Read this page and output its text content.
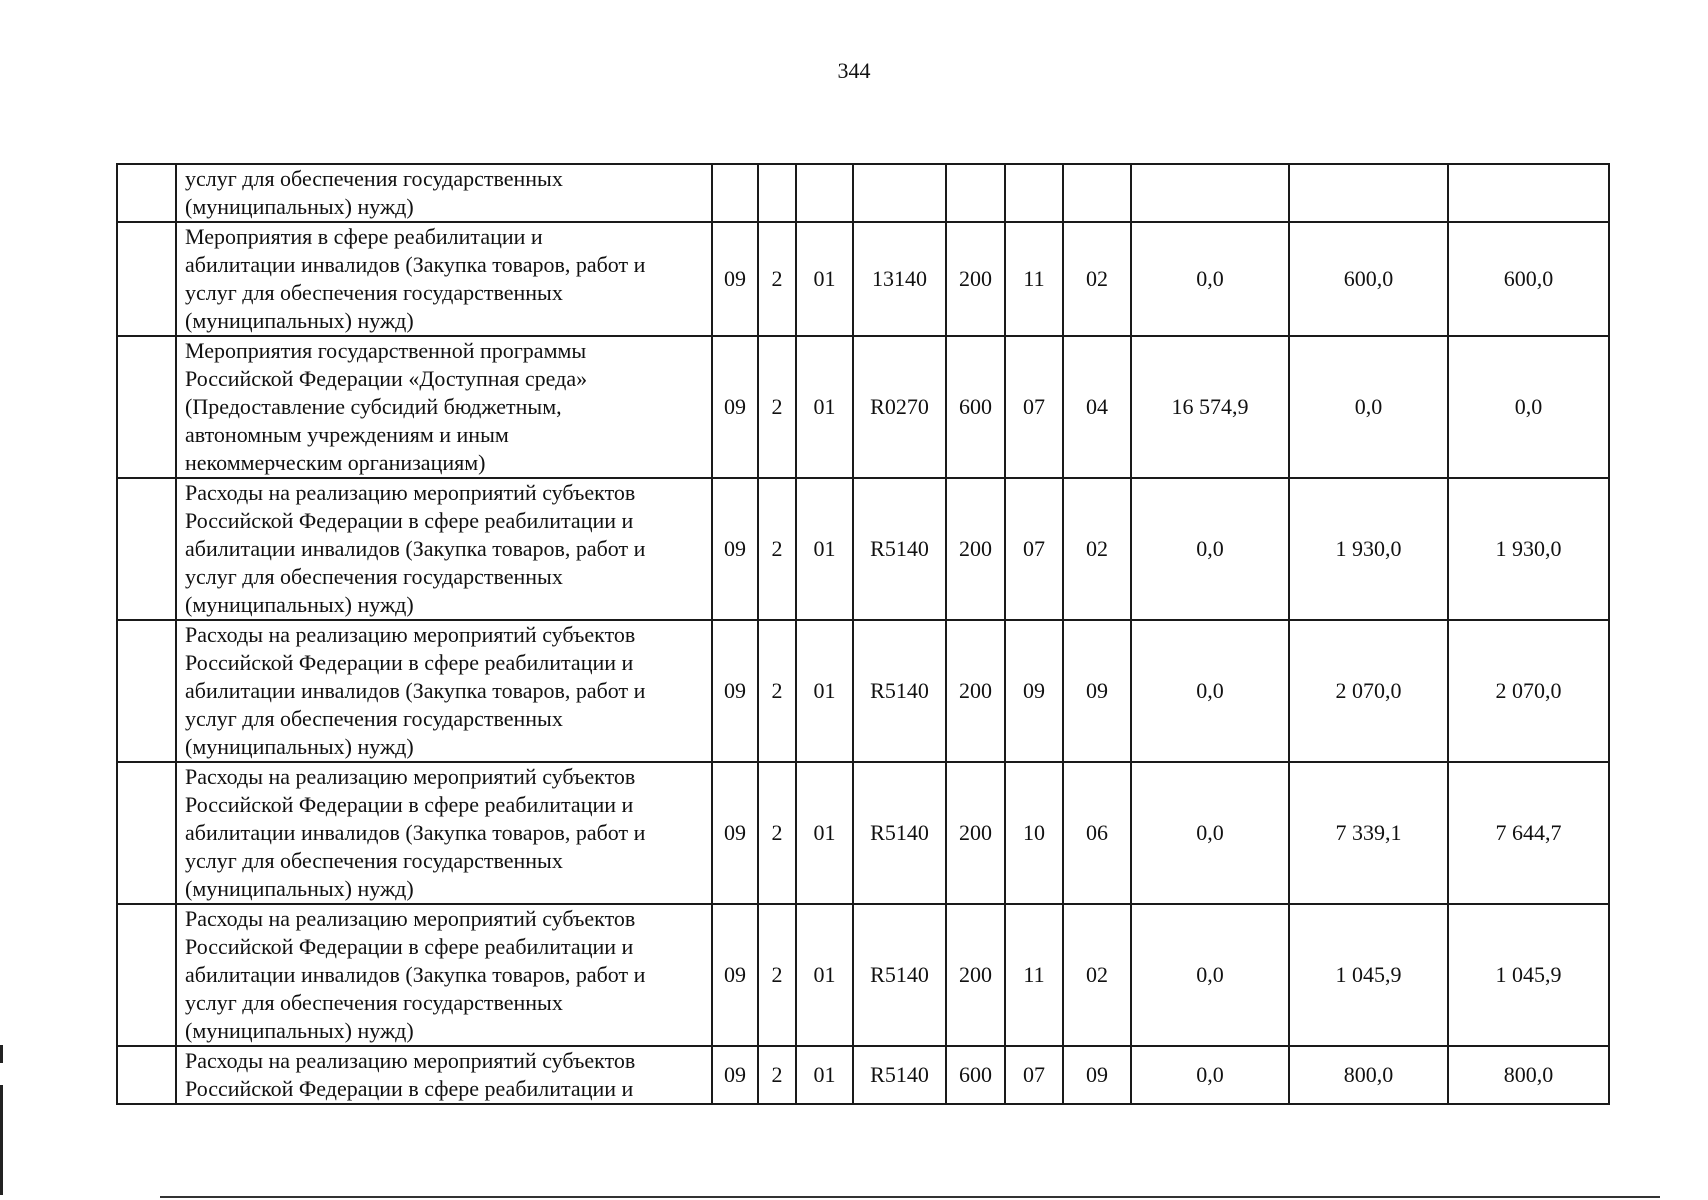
344

	услуг для обеспечения государственных
(муниципальных) нужд)										

	Мероприятия в сфере реабилитации и
абилитации инвалидов (Закупка товаров, работ и
услуг для обеспечения государственных
(муниципальных) нужд)	09	2	01	13140	200	11	02	0,0	600,0	600,0

	Мероприятия государственной программы
Российской Федерации «Доступная среда»
(Предоставление субсидий бюджетным,
автономным учреждениям и иным
некоммерческим организациям)	09	2	01	R0270	600	07	04	16 574,9	0,0	0,0

	Расходы на реализацию мероприятий субъектов
Российской Федерации в сфере реабилитации и
абилитации инвалидов (Закупка товаров, работ и
услуг для обеспечения государственных
(муниципальных) нужд)	09	2	01	R5140	200	07	02	0,0	1 930,0	1 930,0

	Расходы на реализацию мероприятий субъектов
Российской Федерации в сфере реабилитации и
абилитации инвалидов (Закупка товаров, работ и
услуг для обеспечения государственных
(муниципальных) нужд)	09	2	01	R5140	200	09	09	0,0	2 070,0	2 070,0

	Расходы на реализацию мероприятий субъектов
Российской Федерации в сфере реабилитации и
абилитации инвалидов (Закупка товаров, работ и
услуг для обеспечения государственных
(муниципальных) нужд)	09	2	01	R5140	200	10	06	0,0	7 339,1	7 644,7

	Расходы на реализацию мероприятий субъектов
Российской Федерации в сфере реабилитации и
абилитации инвалидов (Закупка товаров, работ и
услуг для обеспечения государственных
(муниципальных) нужд)	09	2	01	R5140	200	11	02	0,0	1 045,9	1 045,9

	Расходы на реализацию мероприятий субъектов
Российской Федерации в сфере реабилитации и	09	2	01	R5140	600	07	09	0,0	800,0	800,0
